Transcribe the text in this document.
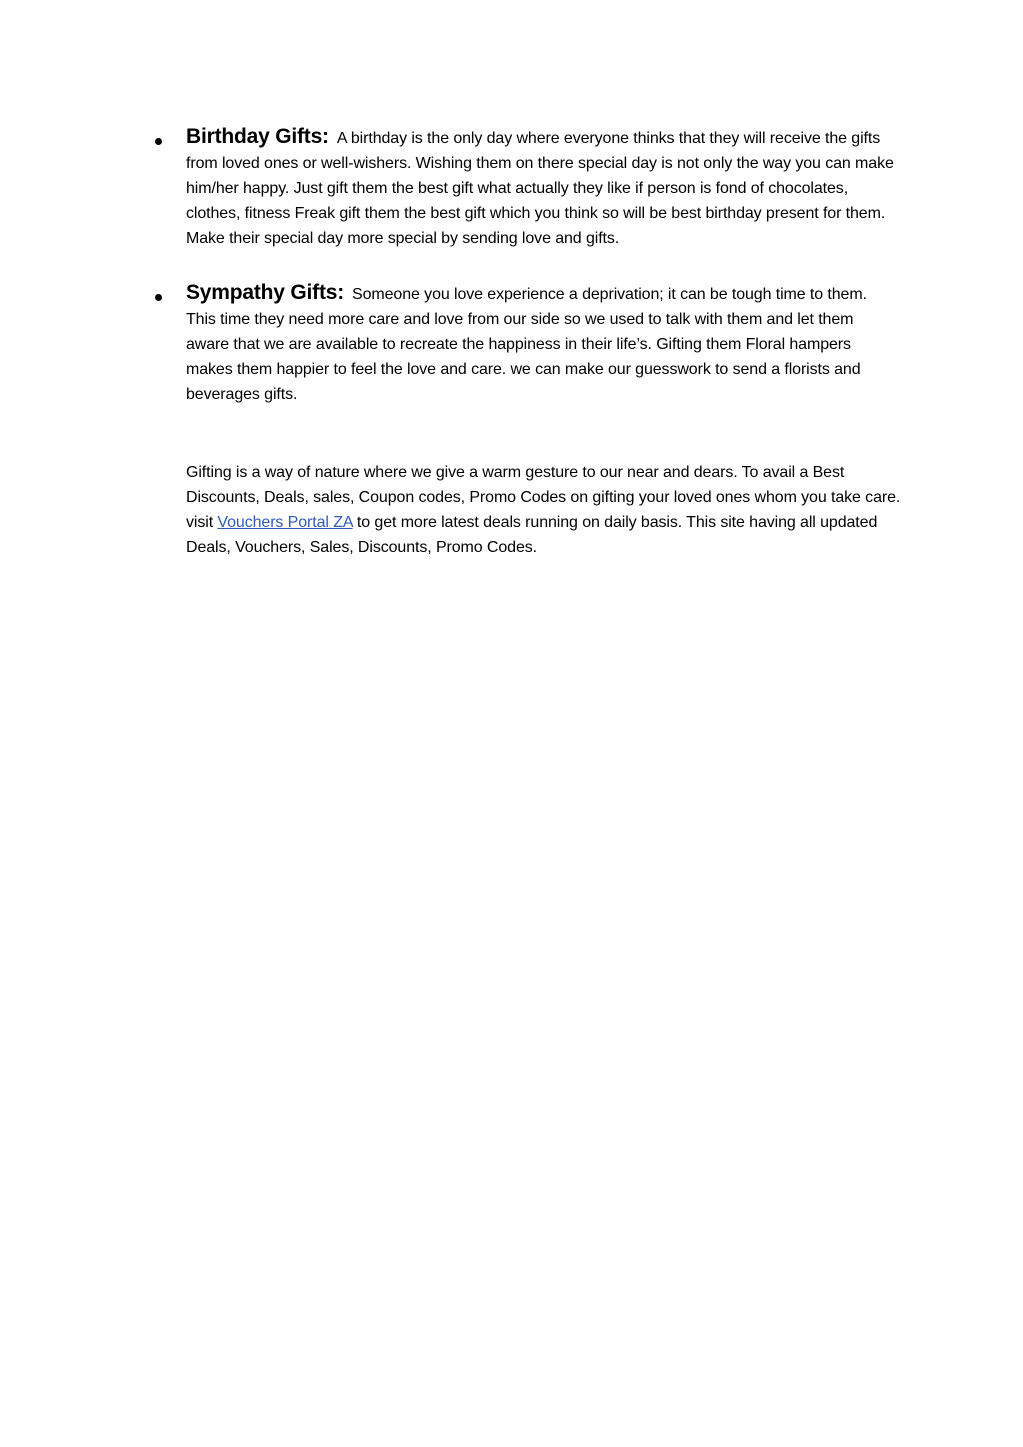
Birthday Gifts: A birthday is the only day where everyone thinks that they will receive the gifts from loved ones or well-wishers. Wishing them on there special day is not only the way you can make him/her happy. Just gift them the best gift what actually they like if person is fond of chocolates, clothes, fitness Freak gift them the best gift which you think so will be best birthday present for them. Make their special day more special by sending love and gifts.
Sympathy Gifts: Someone you love experience a deprivation; it can be tough time to them. This time they need more care and love from our side so we used to talk with them and let them aware that we are available to recreate the happiness in their life’s. Gifting them Floral hampers makes them happier to feel the love and care. we can make our guesswork to send a florists and beverages gifts.
Gifting is a way of nature where we give a warm gesture to our near and dears. To avail a Best Discounts, Deals, sales, Coupon codes, Promo Codes on gifting your loved ones whom you take care. visit Vouchers Portal ZA to get more latest deals running on daily basis. This site having all updated Deals, Vouchers, Sales, Discounts, Promo Codes.
